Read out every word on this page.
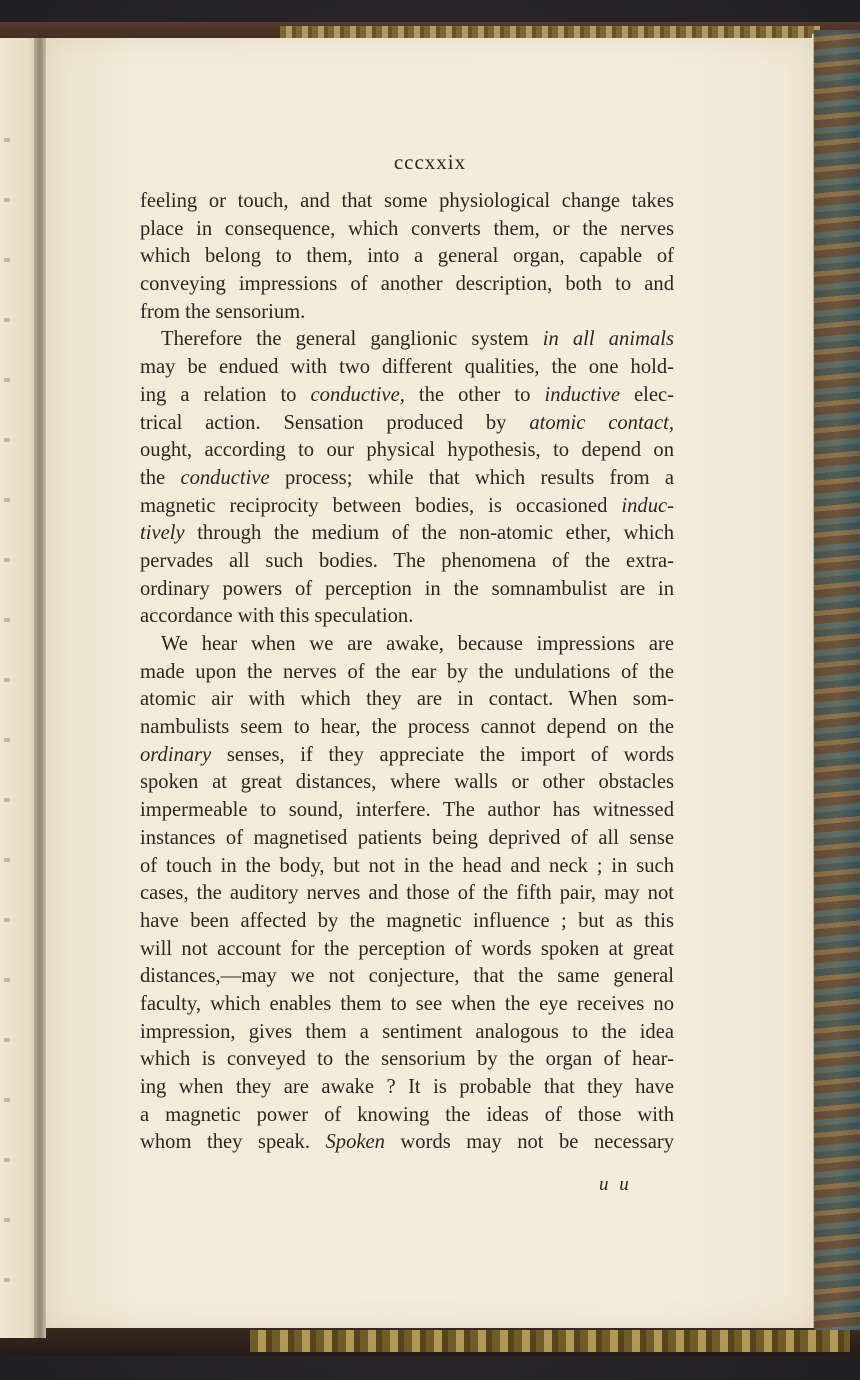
cccxxix
feeling or touch, and that some physiological change takes
place in consequence, which converts them, or the nerves
which belong to them, into a general organ, capable of
conveying impressions of another description, both to and
from the sensorium.
Therefore the general ganglionic system in all animals
may be endued with two different qualities, the one hold-
ing a relation to conductive, the other to inductive elec-
trical action. Sensation produced by atomic contact,
ought, according to our physical hypothesis, to depend on
the conductive process; while that which results from a
magnetic reciprocity between bodies, is occasioned induc-
tively through the medium of the non-atomic ether, which
pervades all such bodies. The phenomena of the extra-
ordinary powers of perception in the somnambulist are in
accordance with this speculation.
We hear when we are awake, because impressions are
made upon the nerves of the ear by the undulations of the
atomic air with which they are in contact. When som-
nambulists seem to hear, the process cannot depend on the
ordinary senses, if they appreciate the import of words
spoken at great distances, where walls or other obstacles
impermeable to sound, interfere. The author has witnessed
instances of magnetised patients being deprived of all sense
of touch in the body, but not in the head and neck ; in such
cases, the auditory nerves and those of the fifth pair, may not
have been affected by the magnetic influence ; but as this
will not account for the perception of words spoken at great
distances,—may we not conjecture, that the same general
faculty, which enables them to see when the eye receives no
impression, gives them a sentiment analogous to the idea
which is conveyed to the sensorium by the organ of hear-
ing when they are awake ? It is probable that they have
a magnetic power of knowing the ideas of those with
whom they speak. Spoken words may not be necessary
u u
